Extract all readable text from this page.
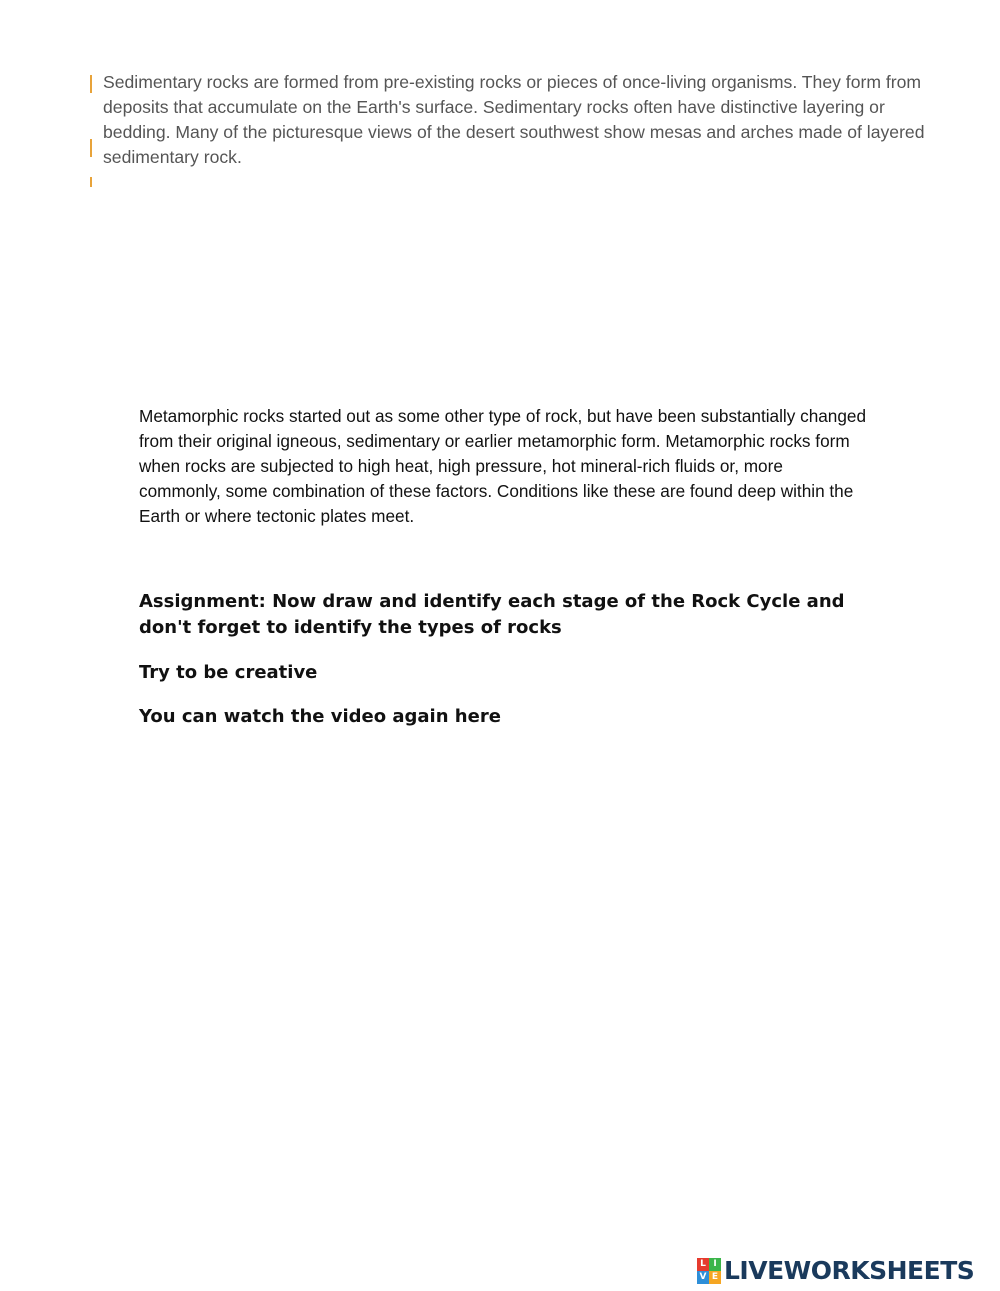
Sedimentary rocks are formed from pre-existing rocks or pieces of once-living organisms. They form from deposits that accumulate on the Earth's surface. Sedimentary rocks often have distinctive layering or bedding. Many of the picturesque views of the desert southwest show mesas and arches made of layered sedimentary rock.

Metamorphic rocks started out as some other type of rock, but have been substantially changed from their original igneous, sedimentary or earlier metamorphic form. Metamorphic rocks form when rocks are subjected to high heat, high pressure, hot mineral-rich fluids or, more commonly, some combination of these factors. Conditions like these are found deep within the Earth or where tectonic plates meet.

Assignment: Now draw and identify each stage of the Rock Cycle and don't forget to identify the types of rocks

Try to be creative

You can watch the video again here

L I
V E LIVEWORKSHEETS
